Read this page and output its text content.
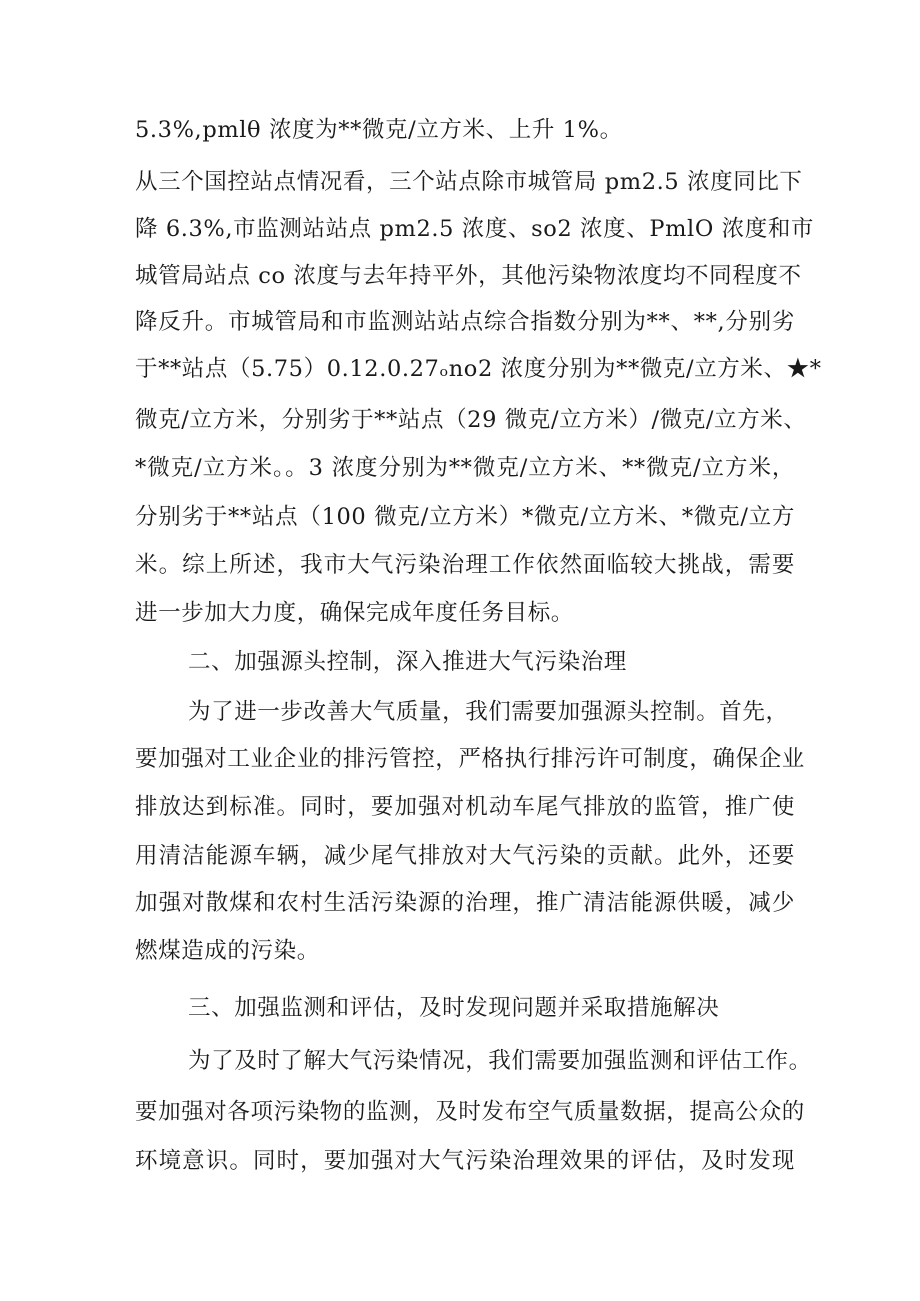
5.3%,pmlθ 浓度为**微克/立方米、上升 1%。
从三个国控站点情况看，三个站点除市城管局 pm2.5 浓度同比下
降 6.3%,市监测站站点 pm2.5 浓度、so2 浓度、PmlO 浓度和市
城管局站点 co 浓度与去年持平外，其他污染物浓度均不同程度不
降反升。市城管局和市监测站站点综合指数分别为**、**,分别劣
于**站点（5.75）0.12.0.27ₒno2 浓度分别为**微克/立方米、★*
微克/立方米，分别劣于**站点（29 微克/立方米）/微克/立方米、
*微克/立方米。。3 浓度分别为**微克/立方米、**微克/立方米，
分别劣于**站点（100 微克/立方米）*微克/立方米、*微克/立方
米。综上所述，我市大气污染治理工作依然面临较大挑战，需要
进一步加大力度，确保完成年度任务目标。
二、加强源头控制，深入推进大气污染治理
为了进一步改善大气质量，我们需要加强源头控制。首先，
要加强对工业企业的排污管控，严格执行排污许可制度，确保企业
排放达到标准。同时，要加强对机动车尾气排放的监管，推广使
用清洁能源车辆，减少尾气排放对大气污染的贡献。此外，还要
加强对散煤和农村生活污染源的治理，推广清洁能源供暖，减少
燃煤造成的污染。
三、加强监测和评估，及时发现问题并采取措施解决
为了及时了解大气污染情况，我们需要加强监测和评估工作。
要加强对各项污染物的监测，及时发布空气质量数据，提高公众的
环境意识。同时，要加强对大气污染治理效果的评估，及时发现
